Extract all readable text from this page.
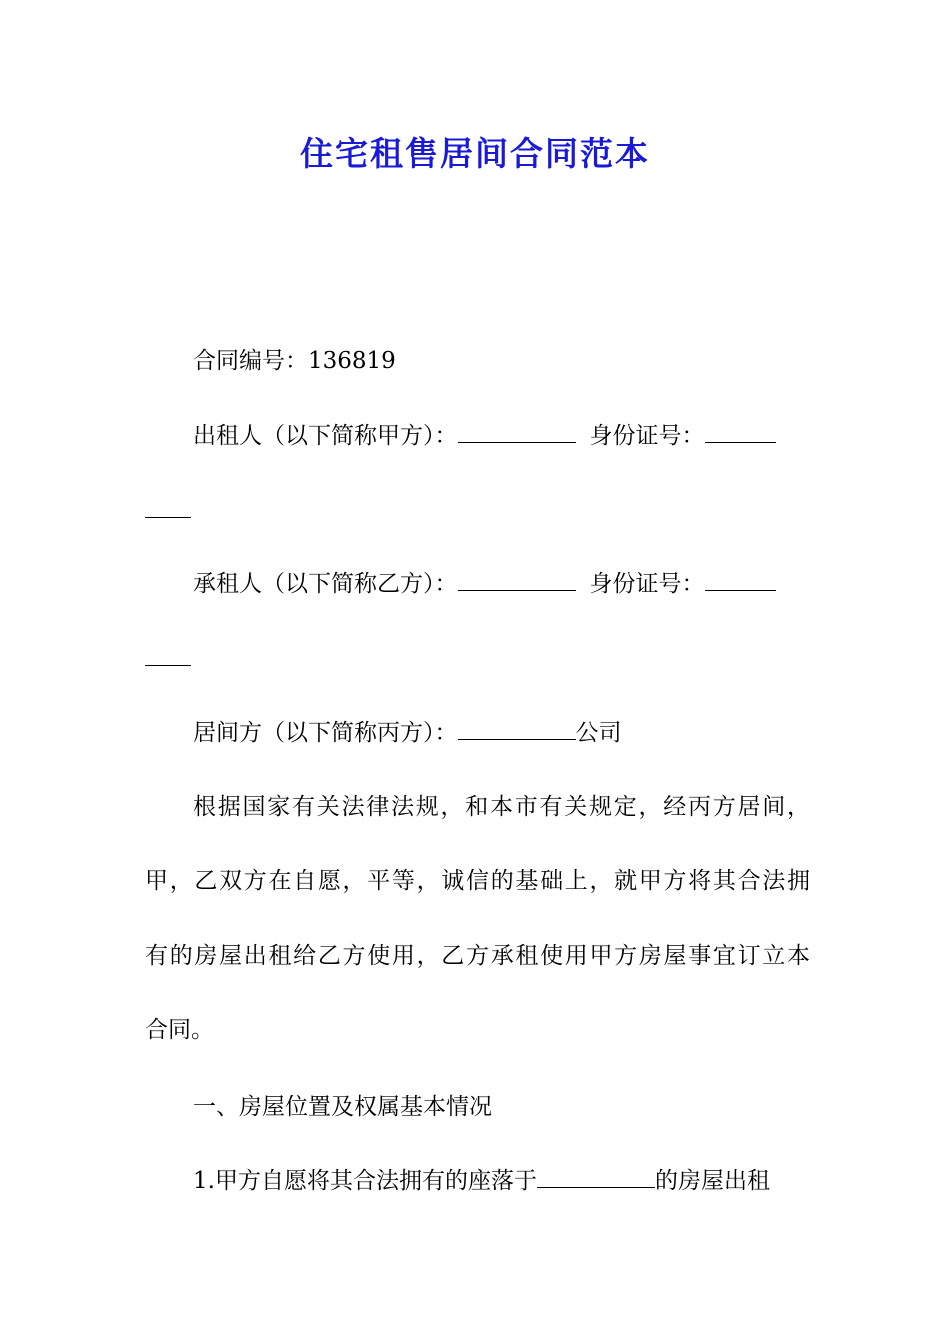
住宅租售居间合同范本
合同编号：136819
出租人（以下简称甲方）：	身份证号：
承租人（以下简称乙方）：	身份证号：
居间方（以下简称丙方）：	公司
根据国家有关法律法规，和本市有关规定，经丙方居间，
甲，乙双方在自愿，平等，诚信的基础上，就甲方将其合法拥
有的房屋出租给乙方使用，乙方承租使用甲方房屋事宜订立本
合同。
一、房屋位置及权属基本情况
1.甲方自愿将其合法拥有的座落于	的房屋出租
